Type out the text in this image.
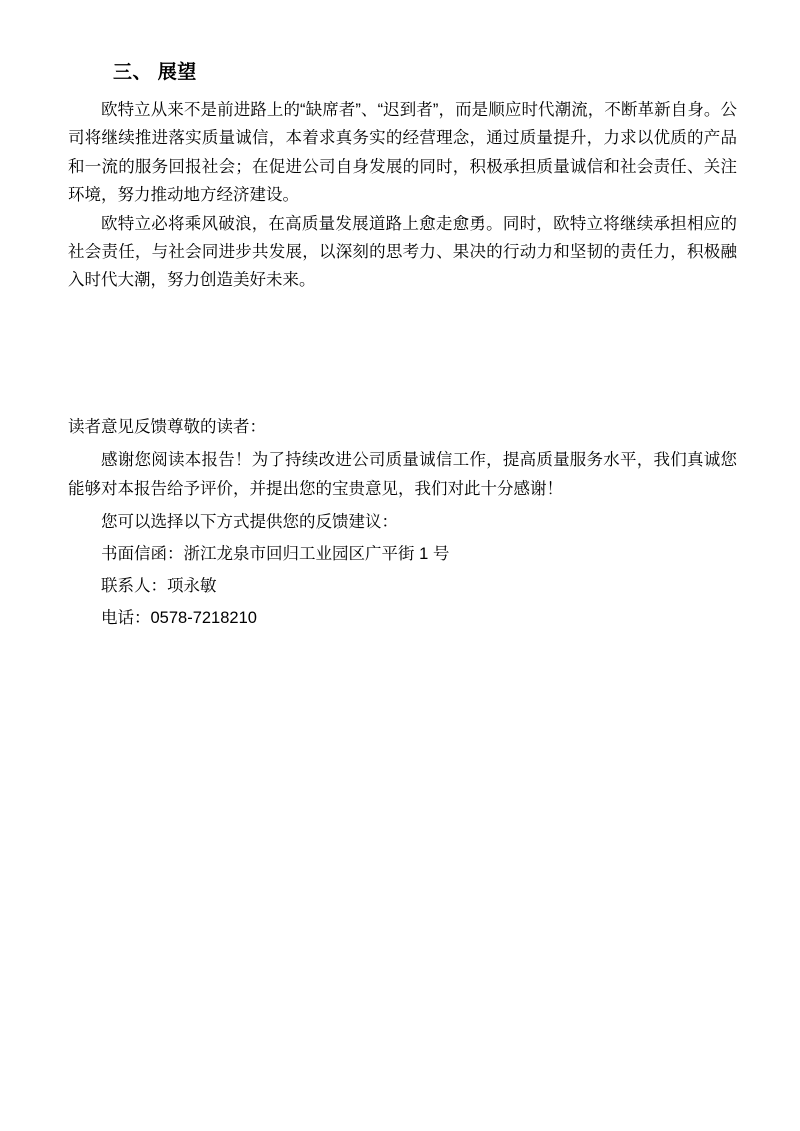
三、 展望

欧特立从来不是前进路上的“缺席者”、“迟到者”，而是顺应时代潮流，不断革新自身。公司将继续推进落实质量诚信，本着求真务实的经营理念，通过质量提升，力求以优质的产品和一流的服务回报社会；在促进公司自身发展的同时，积极承担质量诚信和社会责任、关注环境，努力推动地方经济建设。

欧特立必将乘风破浪，在高质量发展道路上愈走愈勇。同时，欧特立将继续承担相应的社会责任，与社会同进步共发展，以深刻的思考力、果决的行动力和坚韧的责任力，积极融入时代大潮，努力创造美好未来。

读者意见反馈尊敬的读者：

感谢您阅读本报告！为了持续改进公司质量诚信工作，提高质量服务水平，我们真诚您能够对本报告给予评价，并提出您的宝贵意见，我们对此十分感谢！

您可以选择以下方式提供您的反馈建议：

书面信函：浙江龙泉市回归工业园区广平街 1 号

联系人：项永敏

电话：0578-7218210
